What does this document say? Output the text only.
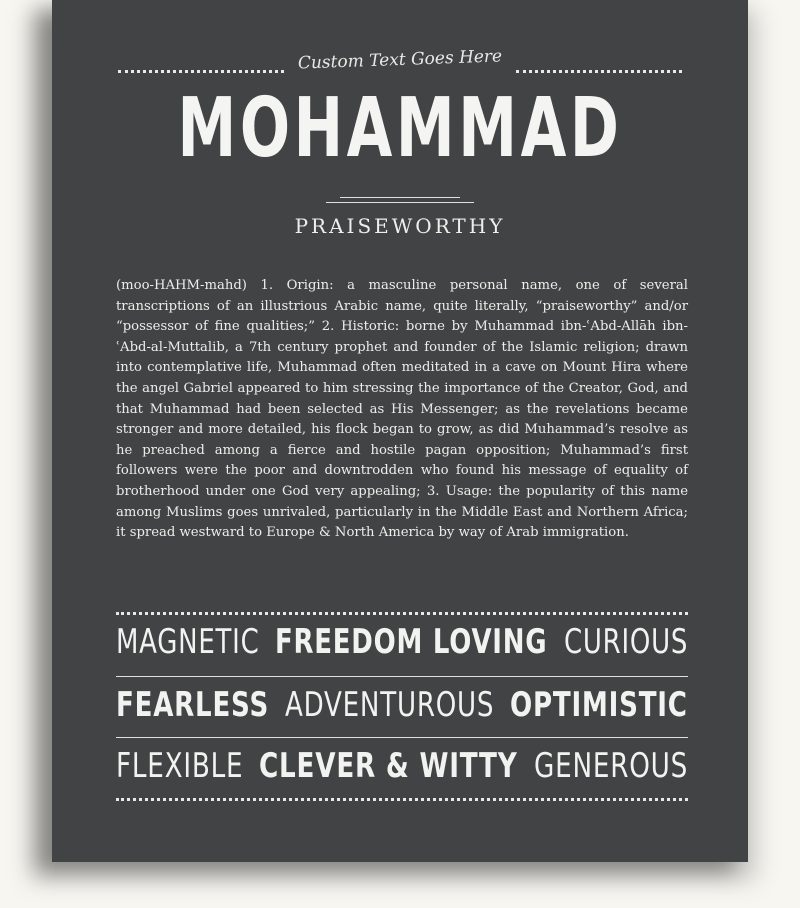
Custom Text Goes Here
MOHAMMAD
PRAISEWORTHY

(moo-HAHM-mahd) 1. Origin: a masculine personal name, one of several transcriptions of an illustrious Arabic name, quite literally, “praiseworthy” and/or “possessor of fine qualities;” 2. Historic: borne by Muhammad ibn-ʿAbd-Allāh ibn-ʿAbd-al-Muttalib, a 7th century prophet and founder of the Islamic religion; drawn into contemplative life, Muhammad often meditated in a cave on Mount Hira where the angel Gabriel appeared to him stressing the importance of the Creator, God, and that Muhammad had been selected as His Messenger; as the revelations became stronger and more detailed, his flock began to grow, as did Muhammad’s resolve as he preached among a fierce and hostile pagan opposition; Muhammad’s first followers were the poor and downtrodden who found his message of equality of brotherhood under one God very appealing; 3. Usage: the popularity of this name among Muslims goes unrivaled, particularly in the Middle East and Northern Africa; it spread westward to Europe & North America by way of Arab immigration.

MAGNETIC FREEDOM LOVING CURIOUS
FEARLESS ADVENTUROUS OPTIMISTIC
FLEXIBLE CLEVER & WITTY GENEROUS
